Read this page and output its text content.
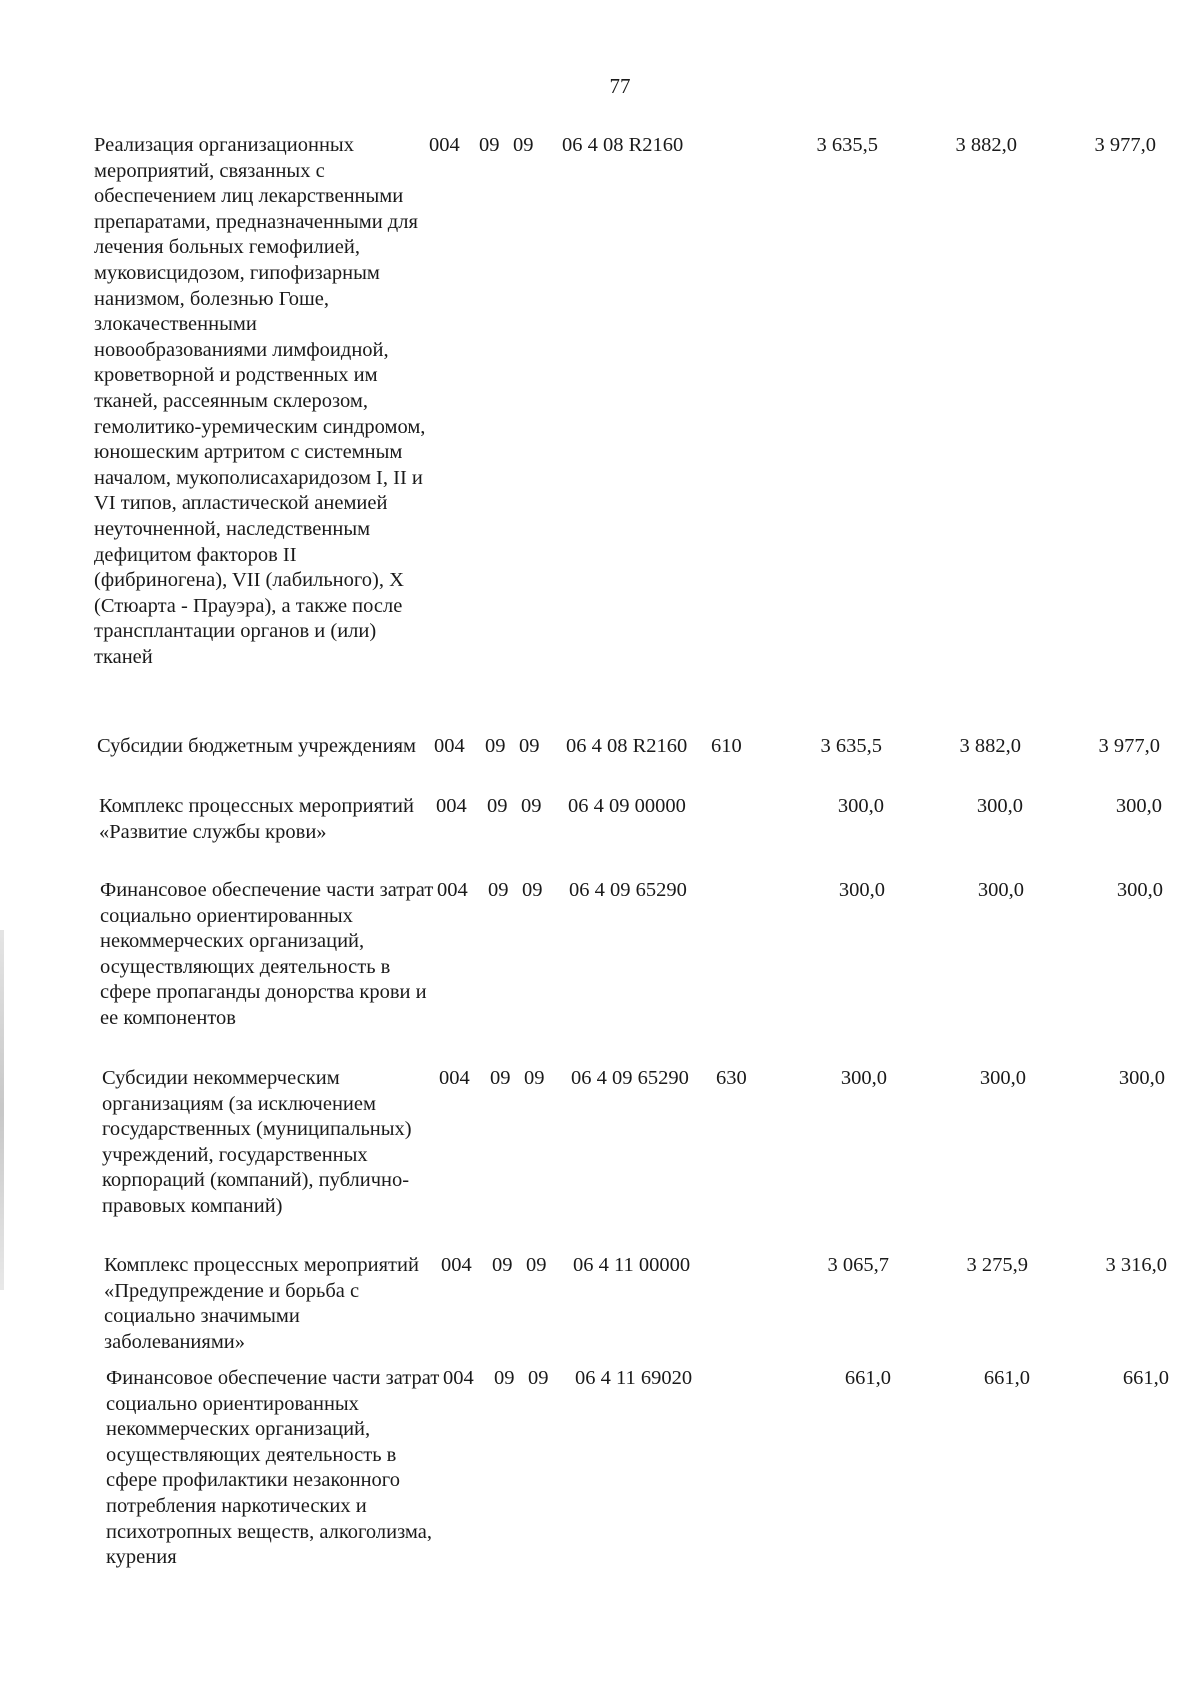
77
Реализация организационных мероприятий, связанных с обеспечением лиц лекарственными препаратами, предназначенными для лечения больных гемофилией, муковисцидозом, гипофизарным нанизмом, болезнью Гоше, злокачественными новообразованиями лимфоидной, кроветворной и родственных им тканей, рассеянным склерозом, гемолитико-уремическим синдромом, юношеским артритом с системным началом, мукополисахаридозом I, II и VI типов, апластической анемией неуточненной, наследственным дефицитом факторов II (фибриногена), VII (лабильного), X (Стюарта - Прауэра), а также после трансплантации органов и (или) тканей
004 09 09 06 4 08 R2160	3 635,5	3 882,0	3 977,0
Субсидии бюджетным учреждениям 004 09 09 06 4 08 R2160 610	3 635,5	3 882,0	3 977,0
Комплекс процессных мероприятий «Развитие службы крови»
004 09 09 06 4 09 00000	300,0	300,0	300,0
Финансовое обеспечение части затрат социально ориентированных некоммерческих организаций, осуществляющих деятельность в сфере пропаганды донорства крови и ее компонентов
004 09 09 06 4 09 65290	300,0	300,0	300,0
Субсидии некоммерческим организациям (за исключением государственных (муниципальных) учреждений, государственных корпораций (компаний), публично-правовых компаний)
004 09 09 06 4 09 65290 630	300,0	300,0	300,0
Комплекс процессных мероприятий «Предупреждение и борьба с социально значимыми заболеваниями»
004 09 09 06 4 11 00000	3 065,7	3 275,9	3 316,0
Финансовое обеспечение части затрат социально ориентированных некоммерческих организаций, осуществляющих деятельность в сфере профилактики незаконного потребления наркотических и психотропных веществ, алкоголизма, курения
004 09 09 06 4 11 69020	661,0	661,0	661,0
